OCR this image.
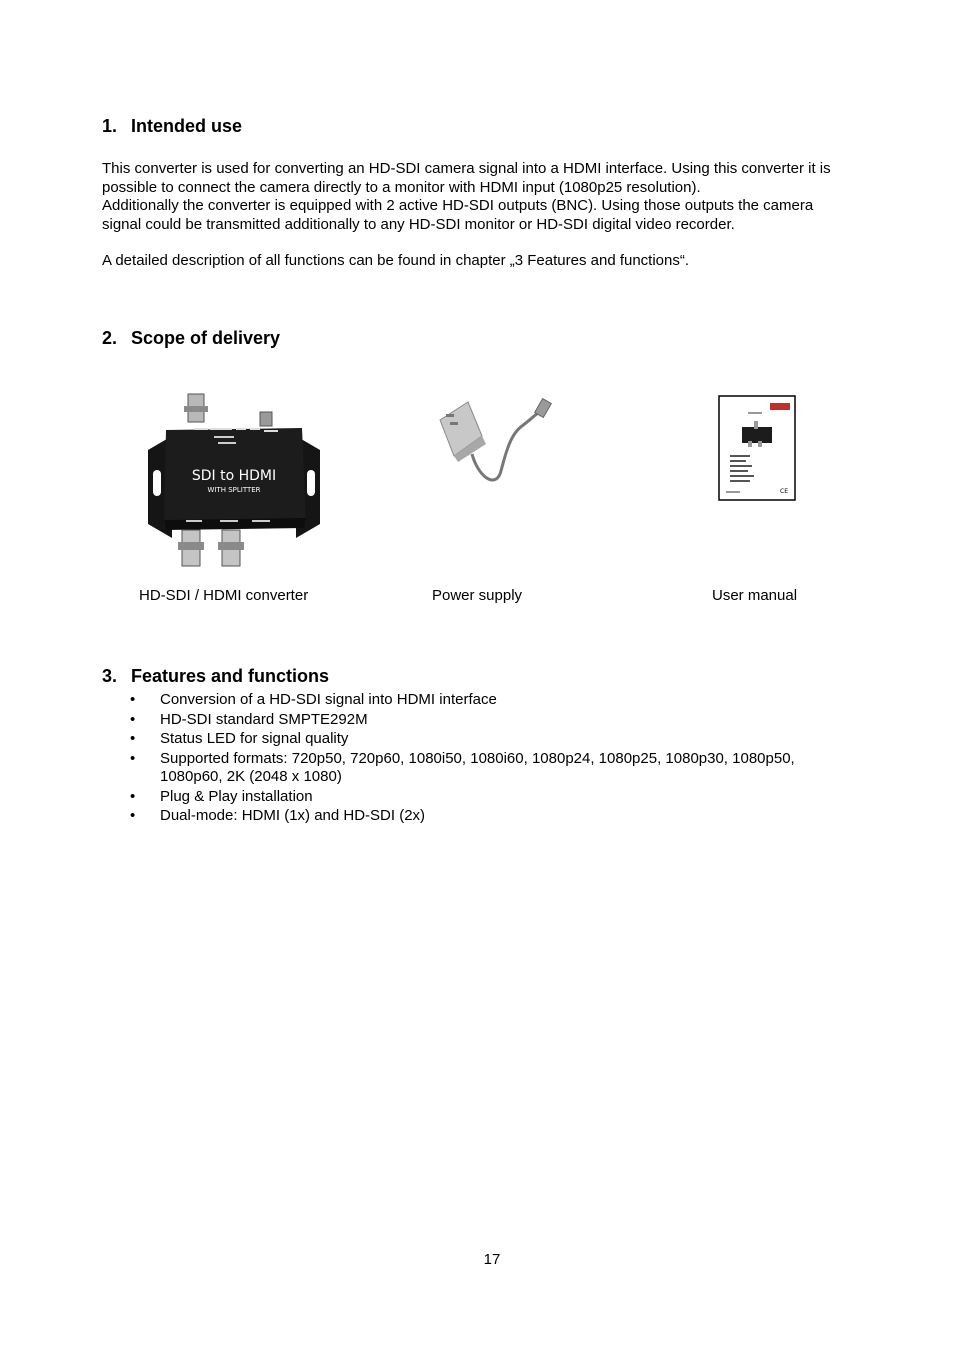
1. Intended use
This converter is used for converting an HD-SDI camera signal into a HDMI interface. Using this converter it is
possible to connect the camera directly to a monitor with HDMI input (1080p25 resolution).
Additionally the converter is equipped with 2 active HD-SDI outputs (BNC). Using those outputs the camera
signal could be transmitted additionally to any HD-SDI monitor or HD-SDI digital video recorder.
A detailed description of all functions can be found in chapter „3 Features and functions“.
2. Scope of delivery
SDI to HDMI
WITH SPLITTER	CE
HD-SDI / HDMI converter	Power supply	User manual
3. Features and functions
• Conversion of a HD-SDI signal into HDMI interface
• HD-SDI standard SMPTE292M
• Status LED for signal quality
• Supported formats: 720p50, 720p60, 1080i50, 1080i60, 1080p24, 1080p25, 1080p30, 1080p50,
1080p60, 2K (2048 x 1080)
• Plug & Play installation
• Dual-mode: HDMI (1x) and HD-SDI (2x)
17
